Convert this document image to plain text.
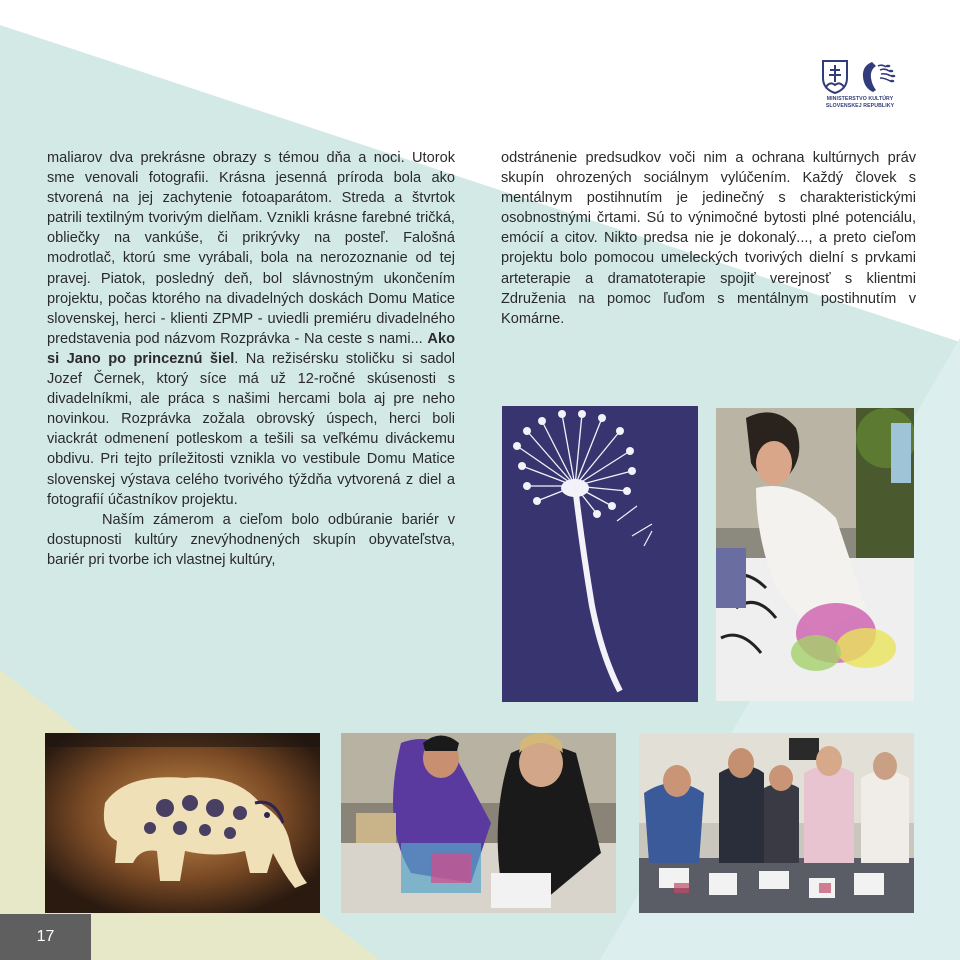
MINISTERSTVO KULTÚRY
SLOVENSKEJ REPUBLIKY

maliarov dva prekrásne obrazy s témou dňa a noci. Utorok sme venovali fotografii. Krásna jesenná príroda bola ako stvorená na jej zachytenie fotoaparátom. Streda a štvrtok patrili textilným tvorivým dielňam. Vznikli krásne farebné tričká, obliečky na vankúše, či prikrývky na posteľ. Falošná modrotlač, ktorú sme vyrábali, bola na nerozoznanie od tej pravej. Piatok, posledný deň, bol slávnostným ukončením projektu, počas ktorého na divadelných doskách Domu Matice slovenskej, herci - klienti ZPMP - uviedli premiéru divadelného predstavenia pod názvom Rozprávka - Na ceste s nami... Ako si Jano po princeznú šiel. Na režisérsku stoličku si sadol Jozef Černek, ktorý síce má už 12-ročné skúsenosti s divadelníkmi, ale práca s našimi hercami bola aj pre neho novinkou. Rozprávka zožala obrovský úspech, herci boli viackrát odmenení potleskom a tešili sa veľkému diváckemu obdivu. Pri tejto príležitosti vznikla vo vestibule Domu Matice slovenskej výstava celého tvorivého týždňa vytvorená z diel a fotografií účastníkov projektu.

Naším zámerom a cieľom bolo odbúranie bariér v dostupnosti kultúry znevýhodnených skupín obyvateľstva, bariér pri tvorbe ich vlastnej kultúry,

odstránenie predsudkov voči nim a ochrana kultúrnych práv skupín ohrozených sociálnym vylúčením. Každý človek s mentálnym postihnutím je jedinečný s charakteristickými osobnostnými črtami. Sú to výnimočné bytosti plné potenciálu, emócií a citov. Nikto predsa nie je dokonalý..., a preto cieľom projektu bolo pomocou umeleckých tvorivých dielní s prvkami arteterapie a dramatoterapie spojiť verejnosť s klientmi Združenia na pomoc ľuďom s mentálnym postihnutím v Komárne.

17
